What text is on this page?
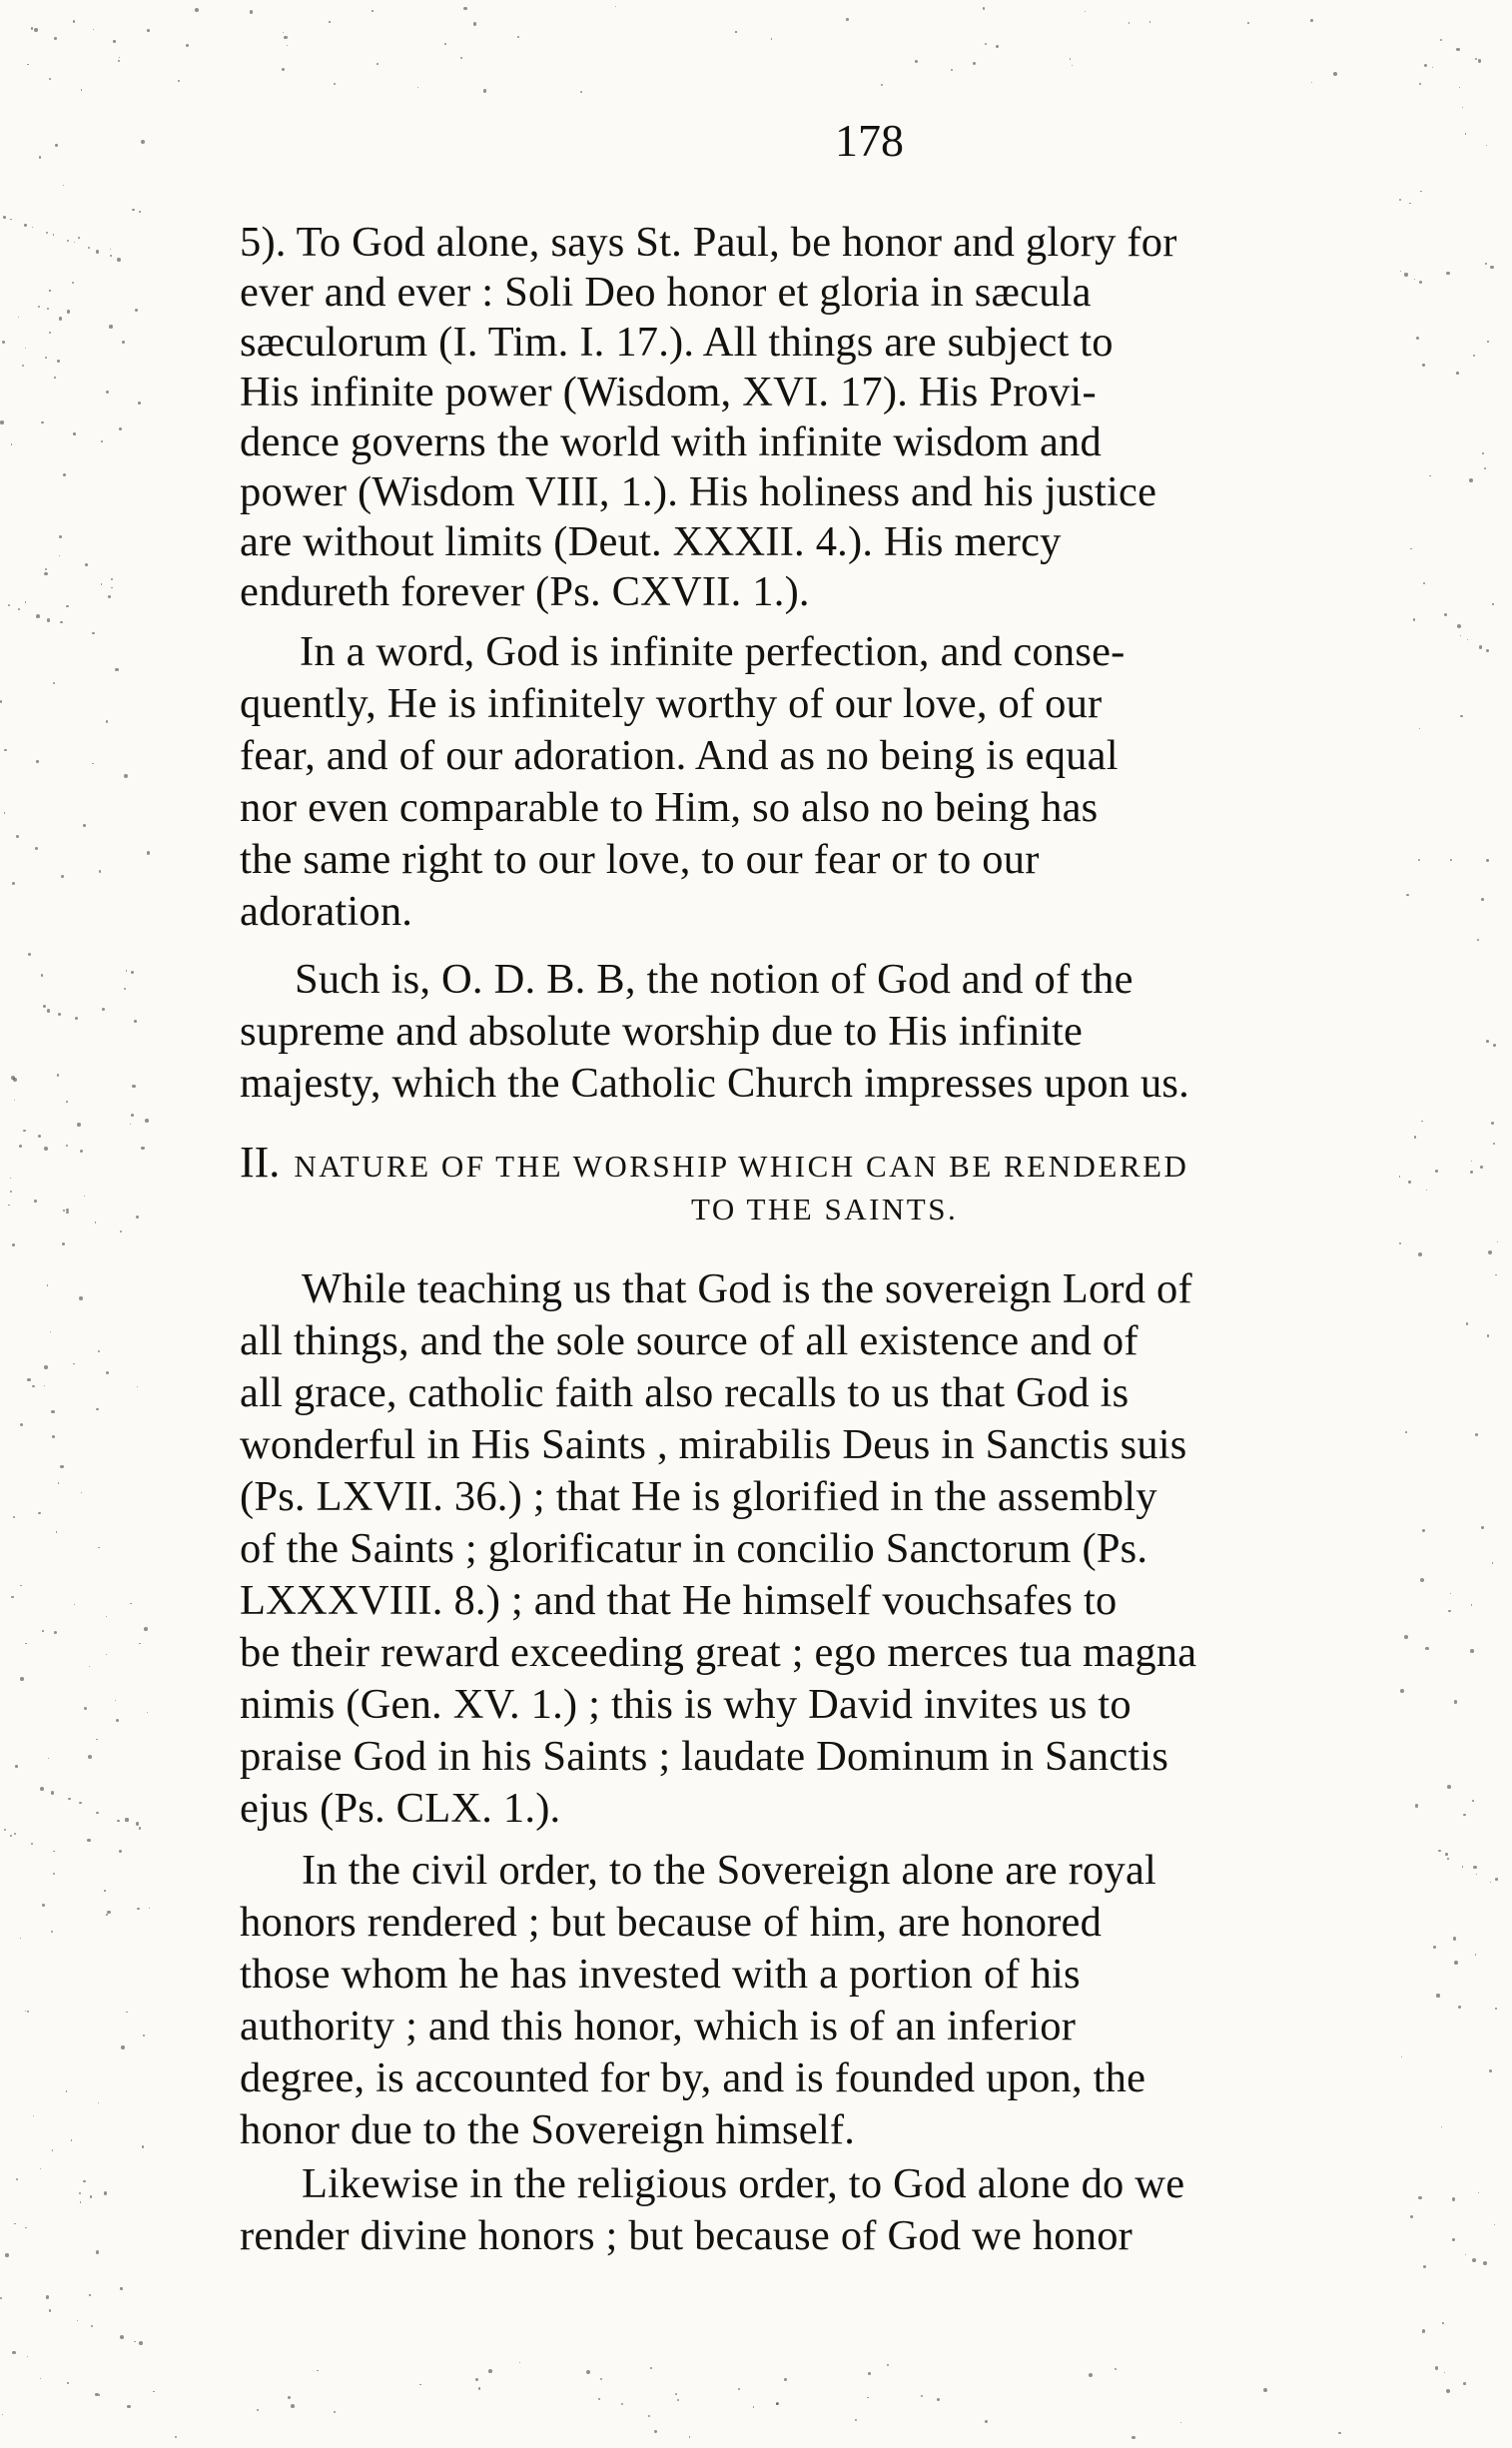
178
5). To God alone, says St. Paul, be honor and glory for
ever and ever : Soli Deo honor et gloria in sæcula
sæculorum (I. Tim. I. 17.). All things are subject to
His infinite power (Wisdom, XVI. 17). His Provi-
dence governs the world with infinite wisdom and
power (Wisdom VIII, 1.). His holiness and his justice
are without limits (Deut. XXXII. 4.). His mercy
endureth forever (Ps. CXVII. 1.).
In a word, God is infinite perfection, and conse-
quently, He is infinitely worthy of our love, of our
fear, and of our adoration. And as no being is equal
nor even comparable to Him, so also no being has
the same right to our love, to our fear or to our
adoration.
Such is, O. D. B. B, the notion of God and of the
supreme and absolute worship due to His infinite
majesty, which the Catholic Church impresses upon us.
II. NATURE OF THE WORSHIP WHICH CAN BE RENDERED
TO THE SAINTS.
While teaching us that God is the sovereign Lord of
all things, and the sole source of all existence and of
all grace, catholic faith also recalls to us that God is
wonderful in His Saints , mirabilis Deus in Sanctis suis
(Ps. LXVII. 36.) ; that He is glorified in the assembly
of the Saints ; glorificatur in concilio Sanctorum (Ps.
LXXXVIII. 8.) ; and that He himself vouchsafes to
be their reward exceeding great ; ego merces tua magna
nimis (Gen. XV. 1.) ; this is why David invites us to
praise God in his Saints ; laudate Dominum in Sanctis
ejus (Ps. CLX. 1.).
In the civil order, to the Sovereign alone are royal
honors rendered ; but because of him, are honored
those whom he has invested with a portion of his
authority ; and this honor, which is of an inferior
degree, is accounted for by, and is founded upon, the
honor due to the Sovereign himself.
Likewise in the religious order, to God alone do we
render divine honors ; but because of God we honor
